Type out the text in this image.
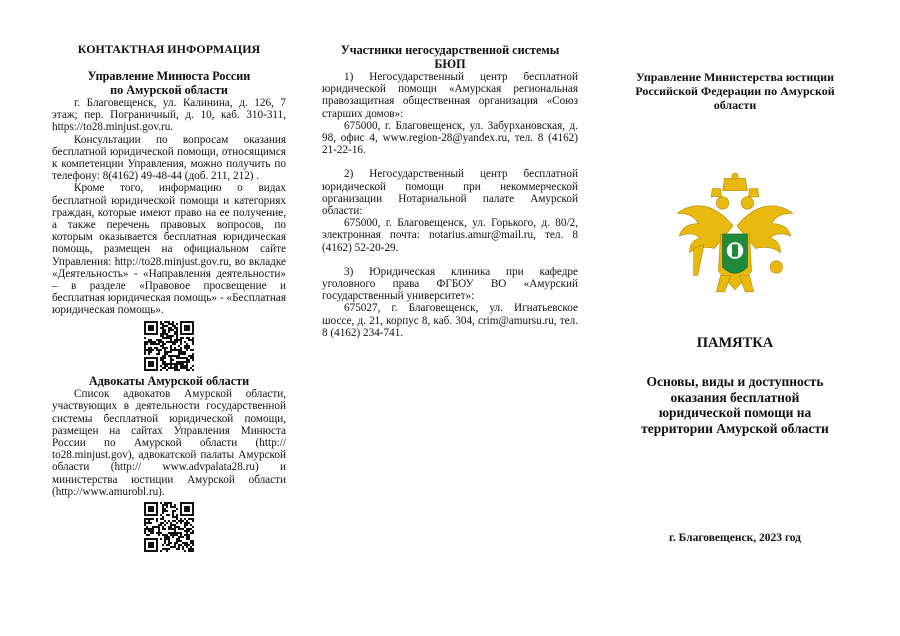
КОНТАКТНАЯ ИНФОРМАЦИЯ
Управление Минюста России по Амурской области

г. Благовещенск, ул. Калинина, д. 126, 7 этаж; пер. Пограничный, д. 10, каб. 310-311, https://to28.minjust.gov.ru.

Консультации по вопросам оказания бесплатной юридической помощи, относящимся к компетенции Управления, можно получить по телефону: 8(4162) 49-48-44 (доб. 211, 212) .

Кроме того, информацию о видах бесплатной юридической помощи и категориях граждан, которые имеют право на ее получение, а также перечень правовых вопросов, по которым оказывается бесплатная юридическая помощь, размещен на официальном сайте Управления: http://to28.minjust.gov.ru, во вкладке «Деятельность» - «Направления деятельности» – в разделе «Правовое просвещение и бесплатная юридическая помощь» - «Бесплатная юридическая помощь».

Адвокаты Амурской области

Список адвокатов Амурской области, участвующих в деятельности государственной системы бесплатной юридической помощи, размещен на сайтах Управления Минюста России по Амурской области (http:// to28.minjust.gov), адвокатской палаты Амурской области (http:// www.advpalata28.ru) и министерства юстиции Амурской области (http://www.amurobl.ru).

Участники негосударственной системы БЮП

1) Негосударственный центр бесплатной юридической помощи «Амурская региональная правозащитная общественная организация «Союз старших домов»:

675000, г. Благовещенск, ул. Забурхановская, д. 98, офис 4, www.region-28@yandex.ru, тел. 8 (4162) 21-22-16.

2) Негосударственный центр бесплатной юридической помощи при некоммерческой организации Нотариальной палате Амурской области:

675000, г. Благовещенск, ул. Горького, д. 80/2, электронная почта: notarius.amur@mail.ru, тел. 8 (4162) 52-20-29.

3) Юридическая клиника при кафедре уголовного права ФГБОУ ВО «Амурский государственный университет»:

675027, г. Благовещенск, ул. Игнатьевское шоссе, д. 21, корпус 8, каб. 304, crim@amursu.ru, тел. 8 (4162) 234-741.

Управление Министерства юстиции Российской Федерации по Амурской области
ПАМЯТКА
Основы, виды и доступность оказания бесплатной юридической помощи на территории Амурской области
г. Благовещенск, 2023 год
